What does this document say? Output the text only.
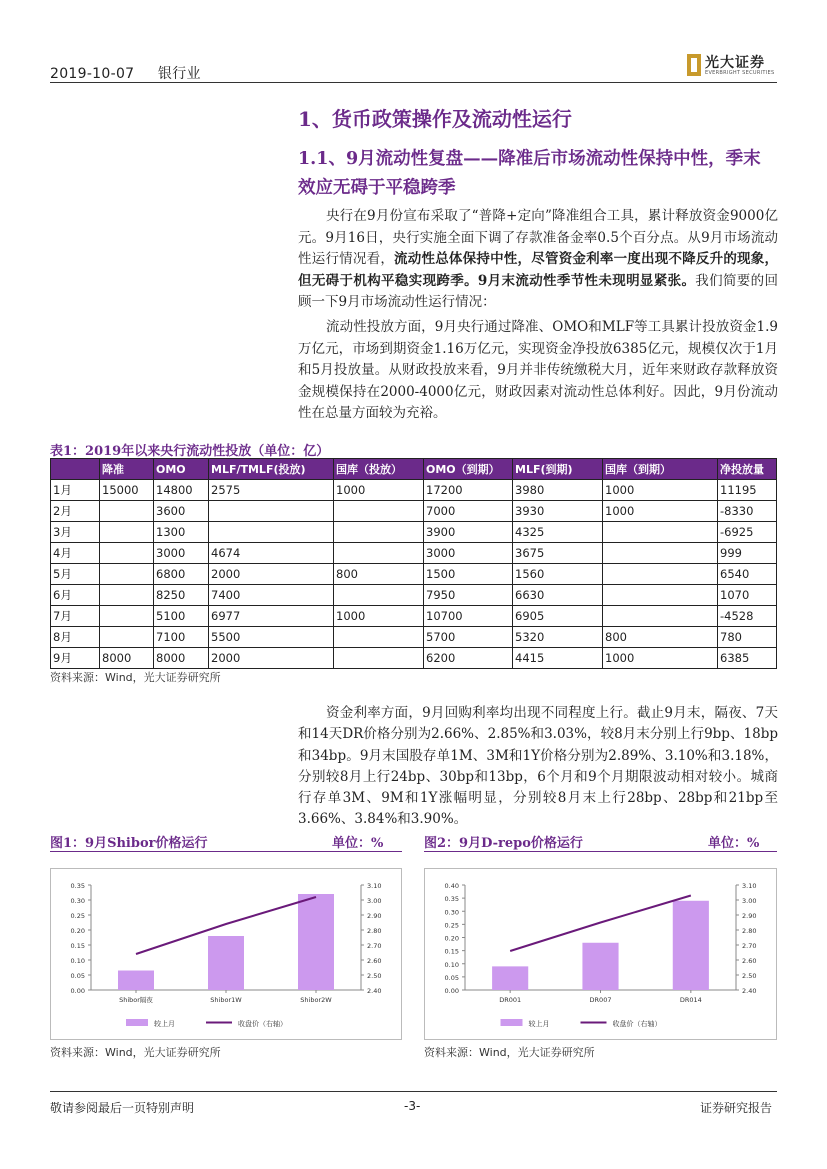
2019-10-07 银行业
光大证券
EVERBRIGHT SECURITIES
1、货币政策操作及流动性运行
1.1、9月流动性复盘——降准后市场流动性保持中性，季末效应无碍于平稳跨季
央行在9月份宣布采取了“普降+定向”降准组合工具，累计释放资金9000亿元。9月16日，央行实施全面下调了存款准备金率0.5个百分点。从9月市场流动性运行情况看，流动性总体保持中性，尽管资金利率一度出现不降反升的现象，但无碍于机构平稳实现跨季。9月末流动性季节性未现明显紧张。我们简要的回顾一下9月市场流动性运行情况：
流动性投放方面，9月央行通过降准、OMO和MLF等工具累计投放资金1.9万亿元，市场到期资金1.16万亿元，实现资金净投放6385亿元，规模仅次于1月和5月投放量。从财政投放来看，9月并非传统缴税大月，近年来财政存款释放资金规模保持在2000-4000亿元，财政因素对流动性总体利好。因此，9月份流动性在总量方面较为充裕。
表1：2019年以来央行流动性投放（单位：亿）
	降准	OMO	MLF/TMLF(投放)	国库（投放）	OMO（到期）	MLF(到期)	国库（到期）	净投放量
1月	15000	14800	2575	1000	17200	3980	1000	11195
2月		3600			7000	3930	1000	-8330
3月		1300			3900	4325		-6925
4月		3000	4674		3000	3675		999
5月		6800	2000	800	1500	1560		6540
6月		8250	7400		7950	6630		1070
7月		5100	6977	1000	10700	6905		-4528
8月		7100	5500		5700	5320	800	780
9月	8000	8000	2000		6200	4415	1000	6385
资料来源：Wind，光大证券研究所
资金利率方面，9月回购利率均出现不同程度上行。截止9月末，隔夜、7天和14天DR价格分别为2.66%、2.85%和3.03%，较8月末分别上行9bp、18bp和34bp。9月末国股存单1M、3M和1Y价格分别为2.89%、3.10%和3.18%，分别较8月上行24bp、30bp和13bp，6个月和9个月期限波动相对较小。城商行存单3M、9M和1Y涨幅明显，分别较8月末上行28bp、28bp和21bp至3.66%、3.84%和3.90%。
图1：9月Shibor价格运行	单位：%
0.00
0.05
0.10
0.15
0.20
0.25
0.30
0.35
2.40
2.50
2.60
2.70
2.80
2.90
3.00
3.10
Shibor隔夜	Shibor1W	Shibor2W
较上月	收盘价（右轴）
资料来源：Wind，光大证券研究所
图2：9月D-repo价格运行	单位：%
0.00
0.05
0.10
0.15
0.20
0.25
0.30
0.35
0.40
2.40
2.50
2.60
2.70
2.80
2.90
3.00
3.10
DR001	DR007	DR014
较上月	收盘价（右轴）
资料来源：Wind，光大证券研究所
敬请参阅最后一页特别声明	-3-	证券研究报告
